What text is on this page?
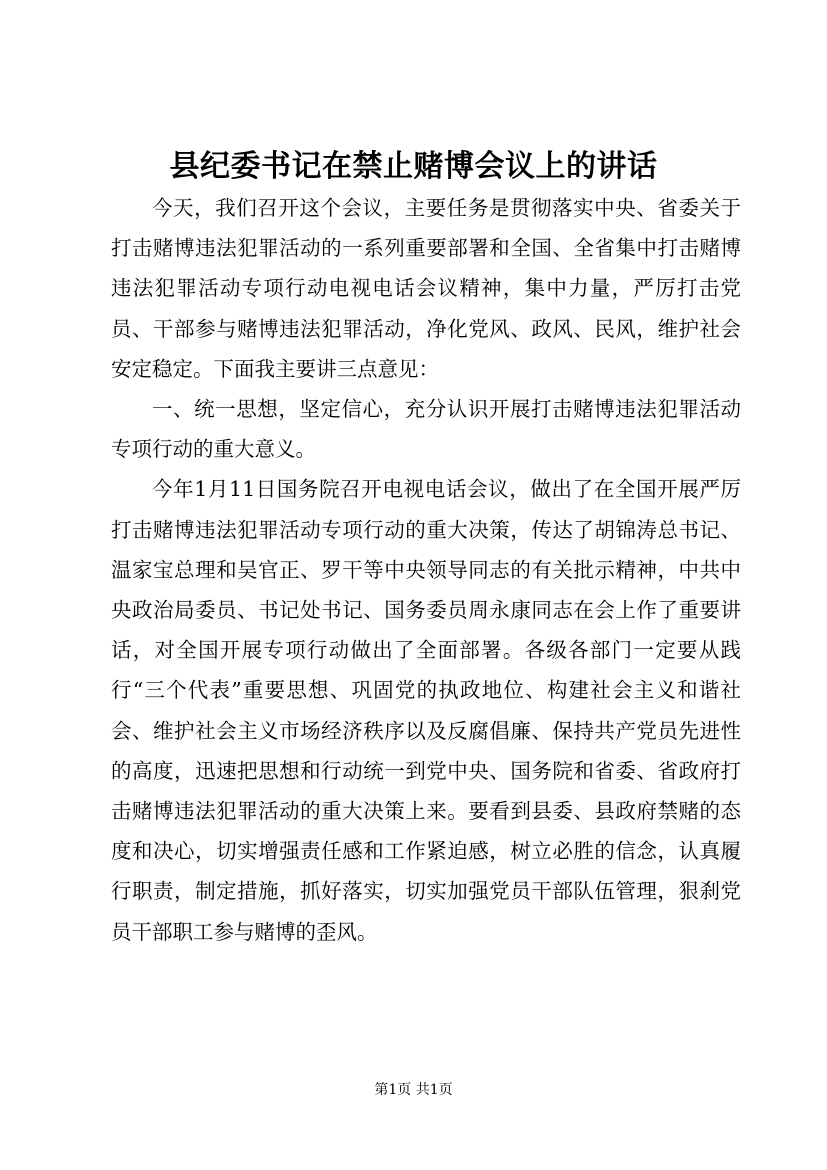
县纪委书记在禁止赌博会议上的讲话

今天，我们召开这个会议，主要任务是贯彻落实中央、省委关于打击赌博违法犯罪活动的一系列重要部署和全国、全省集中打击赌博违法犯罪活动专项行动电视电话会议精神，集中力量，严厉打击党员、干部参与赌博违法犯罪活动，净化党风、政风、民风，维护社会安定稳定。下面我主要讲三点意见：

一、统一思想，坚定信心，充分认识开展打击赌博违法犯罪活动专项行动的重大意义。

今年1月11日国务院召开电视电话会议，做出了在全国开展严厉打击赌博违法犯罪活动专项行动的重大决策，传达了胡锦涛总书记、温家宝总理和吴官正、罗干等中央领导同志的有关批示精神，中共中央政治局委员、书记处书记、国务委员周永康同志在会上作了重要讲话，对全国开展专项行动做出了全面部署。各级各部门一定要从践行“三个代表”重要思想、巩固党的执政地位、构建社会主义和谐社会、维护社会主义市场经济秩序以及反腐倡廉、保持共产党员先进性的高度，迅速把思想和行动统一到党中央、国务院和省委、省政府打击赌博违法犯罪活动的重大决策上来。要看到县委、县政府禁赌的态度和决心，切实增强责任感和工作紧迫感，树立必胜的信念，认真履行职责，制定措施，抓好落实，切实加强党员干部队伍管理，狠刹党员干部职工参与赌博的歪风。

第1页 共1页
